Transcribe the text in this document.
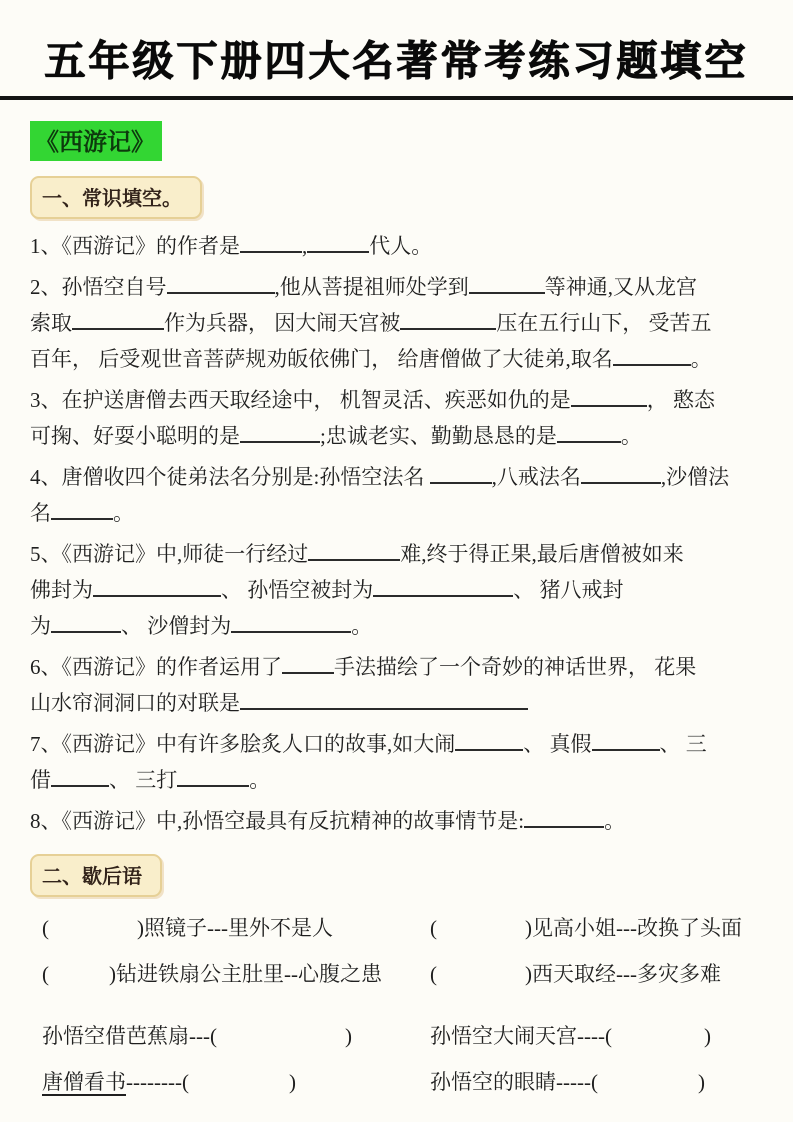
五年级下册四大名著常考练习题填空
《西游记》
一、常识填空。
1、《西游记》的作者是	,	代人。
2、孙悟空自号	,他从菩提祖师处学到	等神通,又从龙宫
索取	作为兵器， 因大闹天宫被	压在五行山下， 受苦五
百年， 后受观世音菩萨规劝皈依佛门， 给唐僧做了大徒弟,取名	。
3、在护送唐僧去西天取经途中， 机智灵活、疾恶如仇的是	， 憨态
可掬、好耍小聪明的是	;忠诚老实、勤勤恳恳的是	。
4、唐僧收四个徒弟法名分别是:孙悟空法名	,八戒法名	,沙僧法
名	。
5、《西游记》中,师徒一行经过	难,终于得正果,最后唐僧被如来
佛封为	、 孙悟空被封为	、 猪八戒封
为	、 沙僧封为	。
6、《西游记》的作者运用了 手法描绘了一个奇妙的神话世界， 花果
山水帘洞洞口的对联是
7、《西游记》中有许多脍炙人口的故事,如大闹	、 真假	、 三
借	、 三打	。
8、《西游记》中,孙悟空最具有反抗精神的故事情节是:	。
二、歇后语
(	)照镜子---里外不是人	(	)见高小姐---改换了头面
(	)钻进铁扇公主肚里--心腹之患	(	)西天取经---多灾多难
孙悟空借芭蕉扇---(	)	孙悟空大闹天宫----(	)
唐僧看书--------(	)	孙悟空的眼睛-----(	)
